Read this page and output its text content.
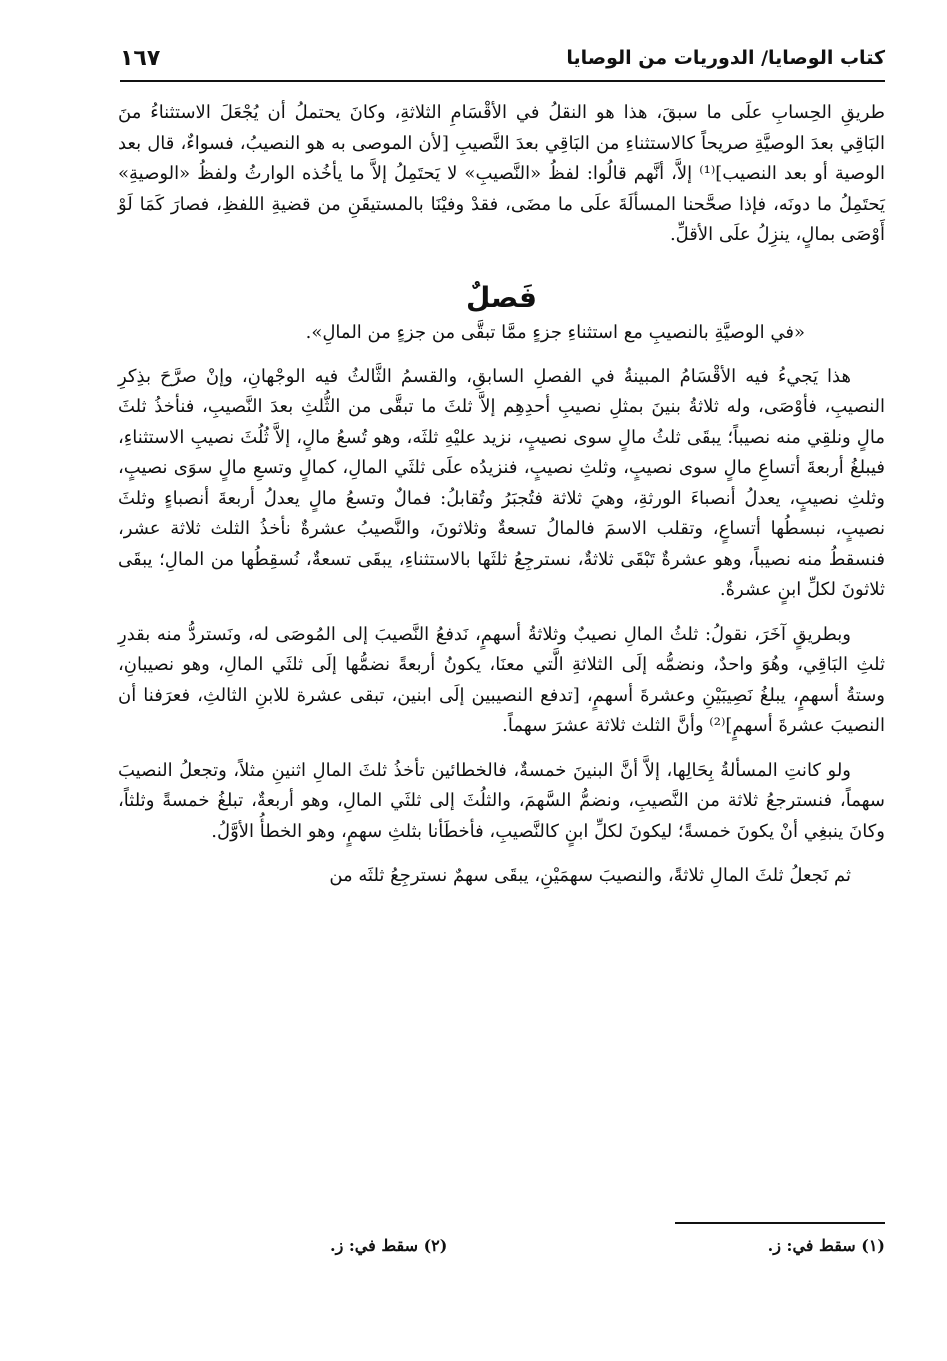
كتاب الوصايا/ الدوريات من الوصايا
١٦٧

طريقِ الحِسابِ علَى ما سبقَ، هذا هو النقلُ في الأقْسَامِ الثلاثةِ، وكانَ يحتملُ أن يُجْعَلَ الاستثناءُ منَ البَاقِي بعدَ الوصيَّةِ صريحاً كالاستثناءِ من البَاقِي بعدَ النَّصيبِ [لأن الموصى به هو النصيبُ، فسواءٌ، قال بعد الوصية أو بعد النصيب]⁽¹⁾ إلاَّ، أنَّهم قالُوا: لفظُ «النَّصيبِ» لا يَحتَمِلُ إلاَّ ما يأخُذه الوارثُ ولفظُ «الوصيةِ» يَحتَمِلُ ما دونَه، فإذا صحَّحنا المسألَةَ علَى ما مضَى، فقدْ وفيْنَا بالمستيقَنِ من قضيةِ اللفظِ، فصارَ كَمَا لَوْ أَوْصَى بمالٍ، ينزِلُ علَى الأقلِّ.

فَصلٌ
«في الوصيَّةِ بالنصيبِ مع استثناءِ جزءٍ ممَّا تبقَّى من جزءٍ من المالِ».

هذا يَجيءُ فيه الأقْسَامُ المبينةُ في الفصلِ السابقِ، والقسمُ الثَّالثُ فيه الوجْهانِ، وإنْ صرَّحَ بذِكرِ النصيبِ، فأوْصَى، وله ثلاثةُ بنينَ بمثلِ نصيبِ أحدِهِم إلاَّ ثلثَ ما تبقَّى من الثُّلثِ بعدَ النَّصيبِ، فنأخذُ ثلثَ مالٍ ونلقِي منه نصيباً؛ يبقَى ثلثُ مالٍ سوى نصيبٍ، نزيد عليْهِ ثلثَه، وهو تُسعُ مالٍ، إلاَّ ثُلُثَ نصيبِ الاستثناءِ، فيبلغُ أربعةَ أتساعِ مالٍ سوى نصيبٍ، وثلثِ نصيبٍ، فنزيدُه علَى ثلثَي المالِ، كمالٍ وتسعِ مالٍ سوَى نصيبٍ، وثلثِ نصيبٍ، يعدلُ أنصباءَ الورثةِ، وهيَ ثلاثة فتُجبَرُ وتُقابلُ: فمالٌ وتسعُ مالٍ يعدلُ أربعةَ أنصباءٍ وثلثَ نصيبٍ، نبسطُها أتساعٍ، وتقلب الاسمَ فالمالُ تسعةٌ وثلاثونَ، والنَّصيبُ عشرةٌ نأخذُ الثلث ثلاثة عشر، فنسقطُ منه نصيباً، وهو عشرةٌ تَبْقَى ثلاثةٌ، نسترجِعُ ثلثَها بالاستثناءِ، يبقَى تسعةٌ، نُسقِطُها من المالِ؛ يبقَى ثلاثونَ لكلِّ ابنٍ عشرةٌ.

وبطريقٍ آخَرَ، نقولُ: ثلثُ المالِ نصيبٌ وثلاثةُ أسهمٍ، نَدفعُ النَّصيبَ إلى المُوصَى له، ونَستردُّ منه بقدرِ ثلثِ البَاقِي، وهُوَ واحدٌ، ونضمُّه إلَى الثلاثةِ الَّتي معنَا، يكونُ أربعةً نضمُّها إلَى ثلثَي المالِ، وهو نصيبانِ، وستةُ أسهمٍ، يبلغُ نَصِيبَيْنِ وعشرةَ أسهمٍ، [تدفع النصيبين إلَى ابنين، تبقى عشرة للابنِ الثالثِ، فعرَفنا أن النصيبَ عشرةَ أسهمٍ]⁽²⁾ وأنَّ الثلث ثلاثة عشرَ سهماً.

ولو كانتِ المسألةُ بِحَالِها، إلاَّ أنَّ البنينَ خمسةٌ، فالخطائين تأخذُ ثلثَ المالِ اثنينِ مثلاً، وتجعلُ النصيبَ سهماً، فنسترجعُ ثلاثة من النَّصيبِ، ونضمُّ السَّهمَ، والثلُثَ إلى ثلثَي المالِ، وهو أربعةٌ، تبلغُ خمسةً وثلثاً، وكانَ ينبغِي أنْ يكونَ خمسةً؛ ليكونَ لكلِّ ابنٍ كالنَّصيبِ، فأخطَأنا بثلثِ سهمٍ، وهو الخطأُ الأوَّلُ.

ثم نَجعلُ ثلثَ المالِ ثلاثةً، والنصيبَ سهمَيْنِ، يبقَى سهمٌ نسترجِعُ ثلثَه من

(١) سقط في: ز.
(٢) سقط في: ز.
